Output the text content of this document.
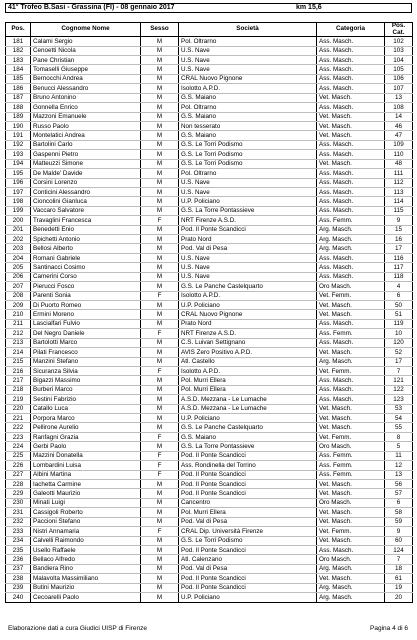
41° Trofeo B.Sasi - Grassina (FI) - 08 gennaio 2017	km 15,6
Pos.	Cognome Nome	Sesso	Società	Categoria	Pos. Cat.
181	Calami Sergio	M	Pol. Oltrarno	Ass. Masch.	102
182	Cenoetti Nicola	M	U.S. Nave	Ass. Masch.	103
183	Pane Christian	M	U.S. Nave	Ass. Masch.	104
184	Tomaselli Giuseppe	M	U.S. Nave	Ass. Masch.	105
185	Bernocchi Andrea	M	CRAL Nuovo Pignone	Ass. Masch.	106
186	Benucci Alessandro	M	Isolotto A.P.D.	Ass. Masch.	107
187	Bruno Antonino	M	G.S. Maiano	Vet. Masch.	13
188	Gonnella Enrico	M	Pol. Oltrarno	Ass. Masch.	108
189	Mazzoni Emanuele	M	G.S. Maiano	Vet. Masch.	14
190	Russo Paolo	M	Non tesserato	Vet. Masch.	46
191	Montelatici Andrea	M	G.S. Maiano	Vet. Masch.	47
192	Bartolini Carlo	M	G.S. Le Torri Podismo	Ass. Masch.	109
193	Gaspenni Pietro	M	G.S. Le Torri Podismo	Ass. Masch.	110
194	Matteuzzi Simone	M	G.S. Le Torri Podismo	Vet. Masch.	48
195	De Malde' Davide	M	Pol. Oltrarno	Ass. Masch.	111
196	Corsini Lorenzo	M	U.S. Nave	Ass. Masch.	112
197	Conticini Alessandro	M	U.S. Nave	Ass. Masch.	113
198	Cioncolini Gianluca	M	U.P. Policiano	Ass. Masch.	114
199	Vaccaro Salvatore	M	G.S. La Torre Pontassieve	Ass. Masch.	115
200	Travaglini Francesca	F	NRT Firenze A.S.D.	Ass. Femm.	9
201	Benedetti Enio	M	Pod. Il Ponte Scandicci	Arg. Masch.	15
202	Spichetti Antonio	M	Prato Nord	Arg. Masch.	16
203	Bellosi Alberto	M	Pod. Val di Pesa	Arg. Masch.	17
204	Romani Gabriele	M	U.S. Nave	Ass. Masch.	116
205	Santinacci Cosimo	M	U.S. Nave	Ass. Masch.	117
206	Camerini Corso	M	U.S. Nave	Ass. Masch.	118
207	Pierucci Fosco	M	G.S. Le Panche Castelquarto	Oro Masch.	4
208	Parenti Sonia	F	Isolotto A.P.D.	Vet. Femm.	6
209	Di Puorto Romeo	M	U.P. Policiano	Vet. Masch.	50
210	Ermini Moreno	M	CRAL Nuovo Pignone	Vet. Masch.	51
211	Lascialfari Fulvio	M	Prato Nord	Ass. Masch.	119
212	Del Negro Daniele	F	NRT Firenze A.S.D.	Ass. Femm.	10
213	Bartolotti Marco	M	C.S. Luivan Settignano	Ass. Masch.	120
214	Pilati Francesco	M	AVIS Zero Positivo A.P.D.	Vet. Masch.	52
215	Manzini Stefano	M	Atl. Castello	Arg. Masch.	17
216	Sicuranza Silvia	F	Isolotto A.P.D.	Vet. Femm.	7
217	Bigazzi Massimo	M	Pol. Murri Ellera	Ass. Masch.	121
218	Burberi Marco	M	Pol. Murri Ellera	Ass. Masch.	122
219	Sestini Fabrizio	M	A.S.D. Mezzana - Le Lumache	Ass. Masch.	123
220	Catallo Luca	M	A.S.D. Mezzana - Le Lumache	Vet. Masch.	53
221	Porpora Marco	M	U.P. Policiano	Vet. Masch.	54
222	Pellirone Aurelio	M	G.S. Le Panche Castelquarto	Vet. Masch.	55
223	Ranfagni Grazia	F	G.S. Maiano	Vet. Femm.	8
224	Gerbi Paolo	M	G.S. La Torre Pontassieve	Oro Masch.	5
225	Mazzini Donatella	F	Pod. Il Ponte Scandicci	Ass. Femm.	11
226	Lombardini Luisa	F	Ass. Rondinella del Torrino	Ass. Femm.	12
227	Albini Martina	F	Pod. Il Ponte Scandicci	Ass. Femm.	13
228	Iachetta Carmine	M	Pod. Il Ponte Scandicci	Vet. Masch.	56
229	Galeotti Maurizio	M	Pod. Il Ponte Scandicci	Vet. Masch.	57
230	Minati Luigi	M	Cancentro	Oro Masch.	6
231	Cassigoli Roberto	M	Pol. Murri Ellera	Vet. Masch.	58
232	Paccioni Stefano	M	Pod. Val di Pesa	Vet. Masch.	59
233	Nistri Annamaria	F	CRAL Dip. Università Firenze	Vet. Femm.	9
234	Calvelli Raimondo	M	G.S. Le Torri Podismo	Vet. Masch.	60
235	Usello Raffaele	M	Pod. Il Ponte Scandicci	Ass. Masch.	124
236	Bellaco Alfredo	M	Atl. Calenzano	Oro Masch.	7
237	Bandiera Rino	M	Pod. Val di Pesa	Arg. Masch.	18
238	Malavolta Massimiliano	M	Pod. Il Ponte Scandicci	Vet. Masch.	61
239	Butini Maurizio	M	Pod. Il Ponte Scandicci	Arg. Masch.	19
240	Cecoarelli Paolo	M	U.P. Policiano	Arg. Masch.	20
Elaborazione dati a cura Giudici UISP di Firenze	Pagina 4 di 6
